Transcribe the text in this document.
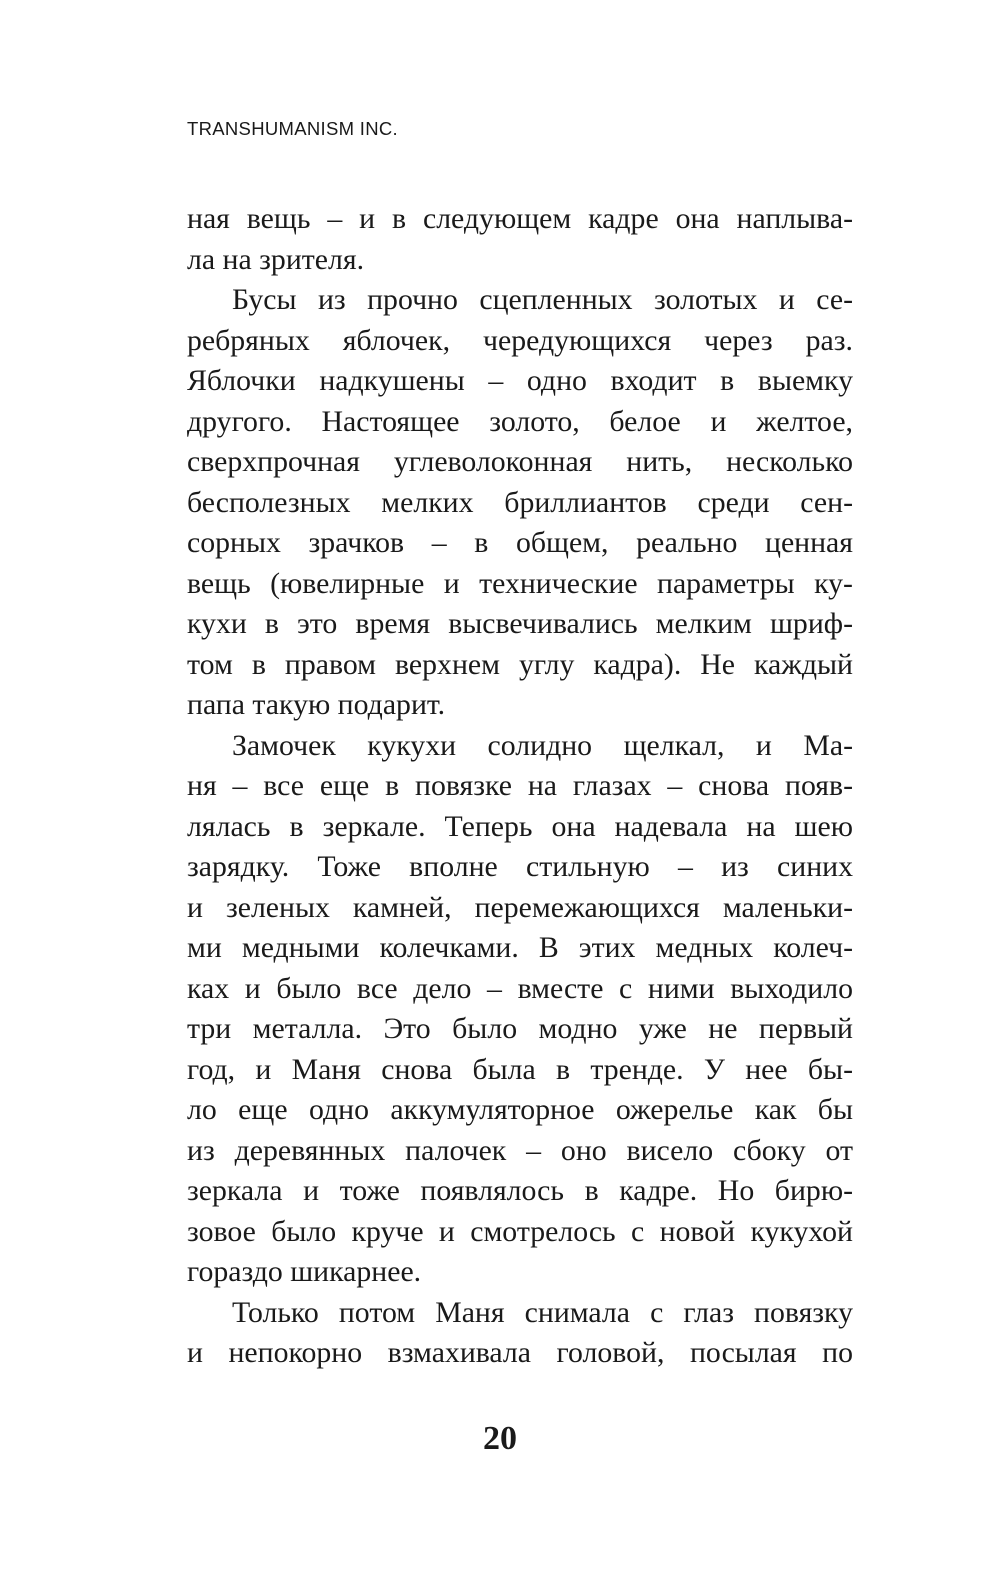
TRANSHUMANISM INC.
ная вещь – и в следующем кадре она наплыва-
ла на зрителя.
Бусы из прочно сцепленных золотых и се-
ребряных яблочек, чередующихся через раз.
Яблочки надкушены – одно входит в выемку
другого. Настоящее золото, белое и желтое,
сверхпрочная углеволоконная нить, несколько
бесполезных мелких бриллиантов среди сен-
сорных зрачков – в общем, реально ценная
вещь (ювелирные и технические параметры ку-
кухи в это время высвечивались мелким шриф-
том в правом верхнем углу кадра). Не каждый
папа такую подарит.
Замочек кукухи солидно щелкал, и Ма-
ня – все еще в повязке на глазах – снова появ-
лялась в зеркале. Теперь она надевала на шею
зарядку. Тоже вполне стильную – из синих
и зеленых камней, перемежающихся маленьки-
ми медными колечками. В этих медных колеч-
ках и было все дело – вместе с ними выходило
три металла. Это было модно уже не первый
год, и Маня снова была в тренде. У нее бы-
ло еще одно аккумуляторное ожерелье как бы
из деревянных палочек – оно висело сбоку от
зеркала и тоже появлялось в кадре. Но бирю-
зовое было круче и смотрелось с новой кукухой
гораздо шикарнее.
Только потом Маня снимала с глаз повязку
и непокорно взмахивала головой, посылая по
20
